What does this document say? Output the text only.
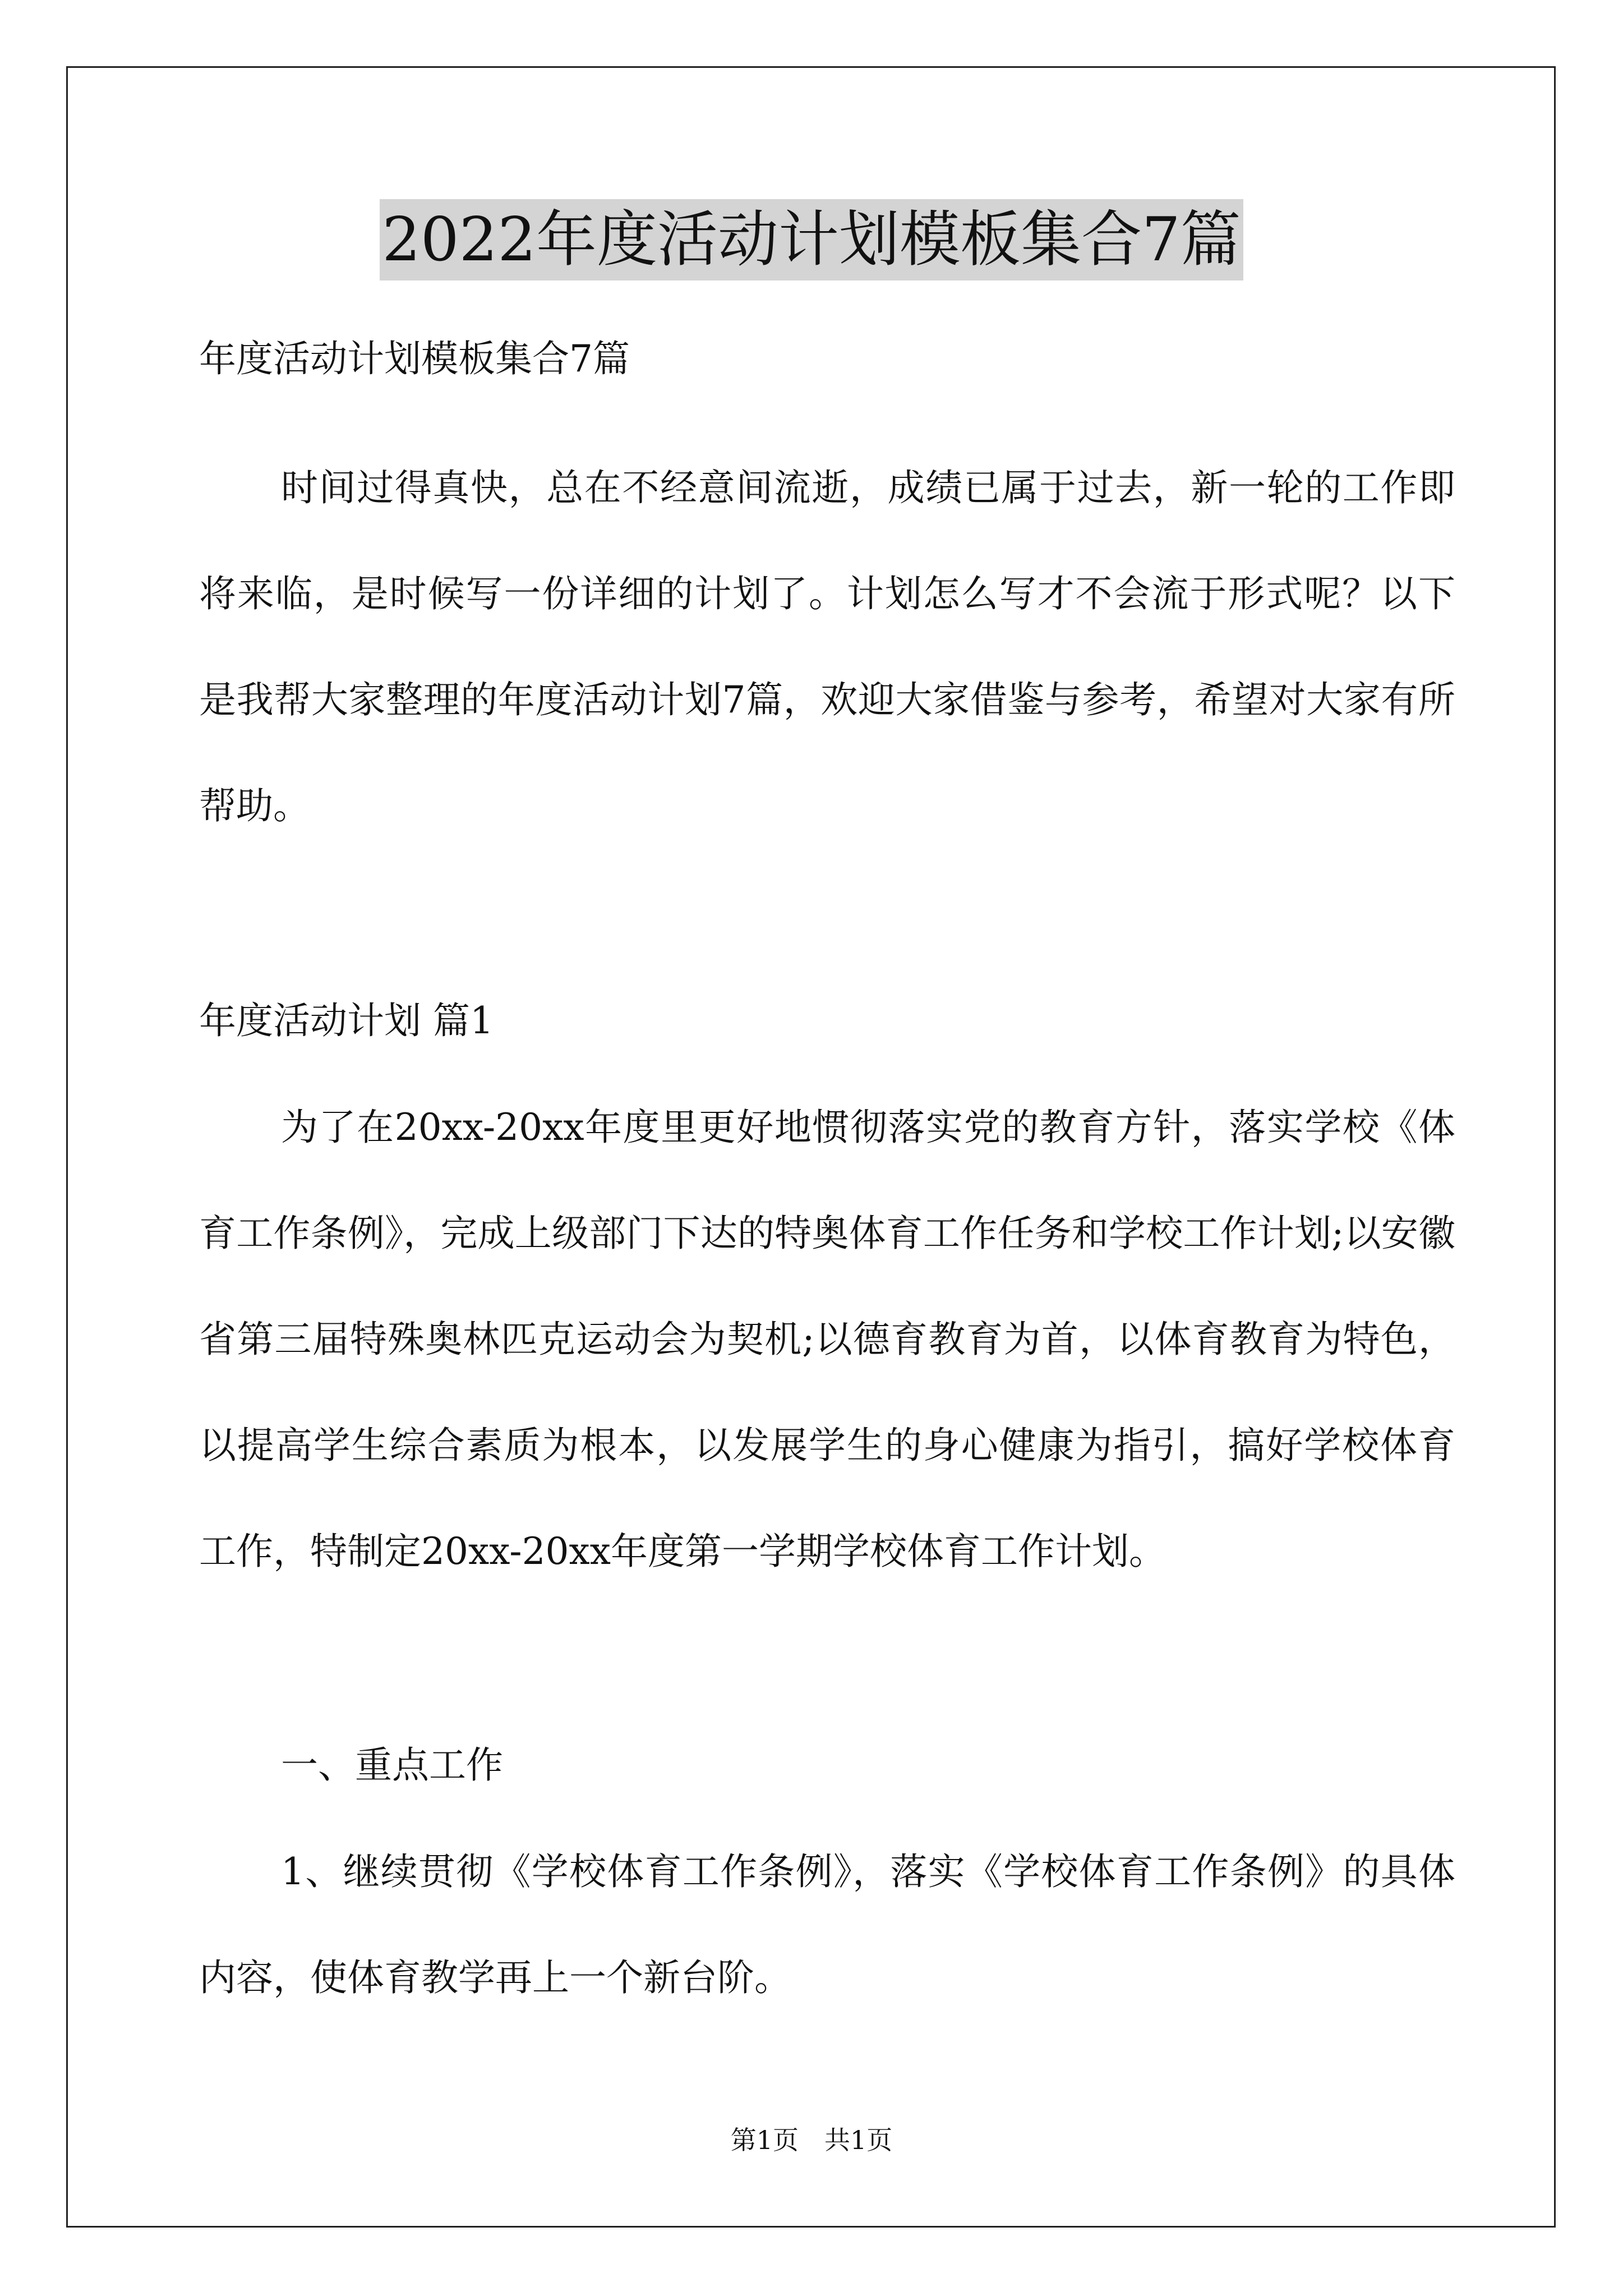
2022年度活动计划模板集合7篇

年度活动计划模板集合7篇

时间过得真快，总在不经意间流逝，成绩已属于过去，新一轮的工作即将来临，是时候写一份详细的计划了。计划怎么写才不会流于形式呢？以下是我帮大家整理的年度活动计划7篇，欢迎大家借鉴与参考，希望对大家有所帮助。

年度活动计划 篇1

为了在20xx-20xx年度里更好地惯彻落实党的教育方针，落实学校《体育工作条例》，完成上级部门下达的特奥体育工作任务和学校工作计划;以安徽省第三届特殊奥林匹克运动会为契机;以德育教育为首，以体育教育为特色，以提高学生综合素质为根本，以发展学生的身心健康为指引，搞好学校体育工作，特制定20xx-20xx年度第一学期学校体育工作计划。

一、重点工作

1、继续贯彻《学校体育工作条例》，落实《学校体育工作条例》的具体内容，使体育教学再上一个新台阶。

第1页　共1页
